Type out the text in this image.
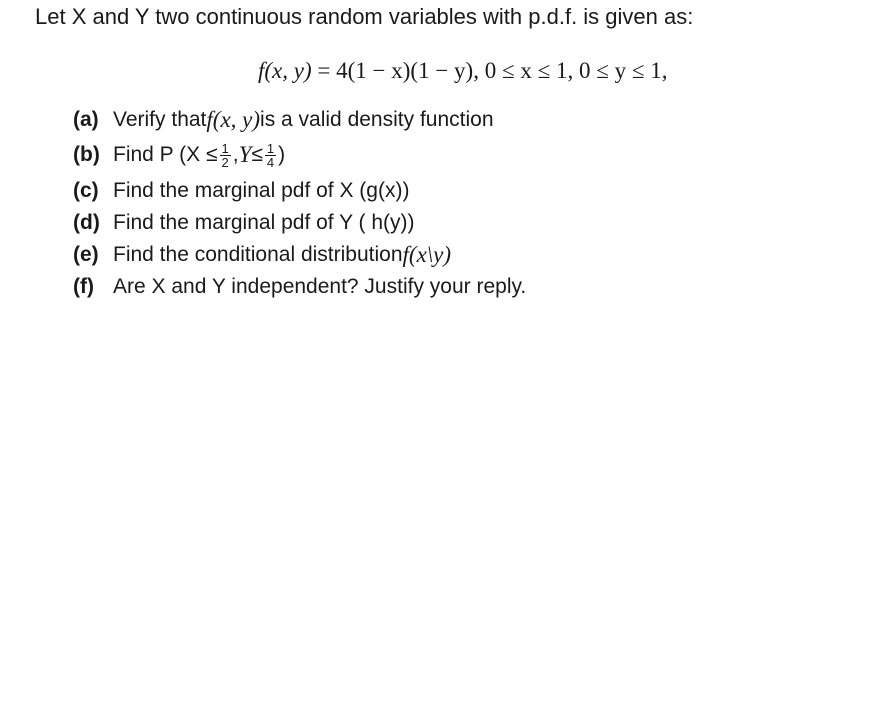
Let X and Y two continuous random variables with p.d.f. is given as:
f(x, y) = 4(1 − x)(1 − y), 0 ≤ x ≤ 1, 0 ≤ y ≤ 1,
(a) Verify that f(x, y) is a valid density function
(b) Find P ($X \le \frac{1}{2}$ , $Y \le \frac{1}{4}$ )
(c) Find the marginal pdf of X (g(x))
(d) Find the marginal pdf of Y ( h(y))
(e) Find the conditional distribution f(x\y)
(f) Are X and Y independent? Justify your reply.
